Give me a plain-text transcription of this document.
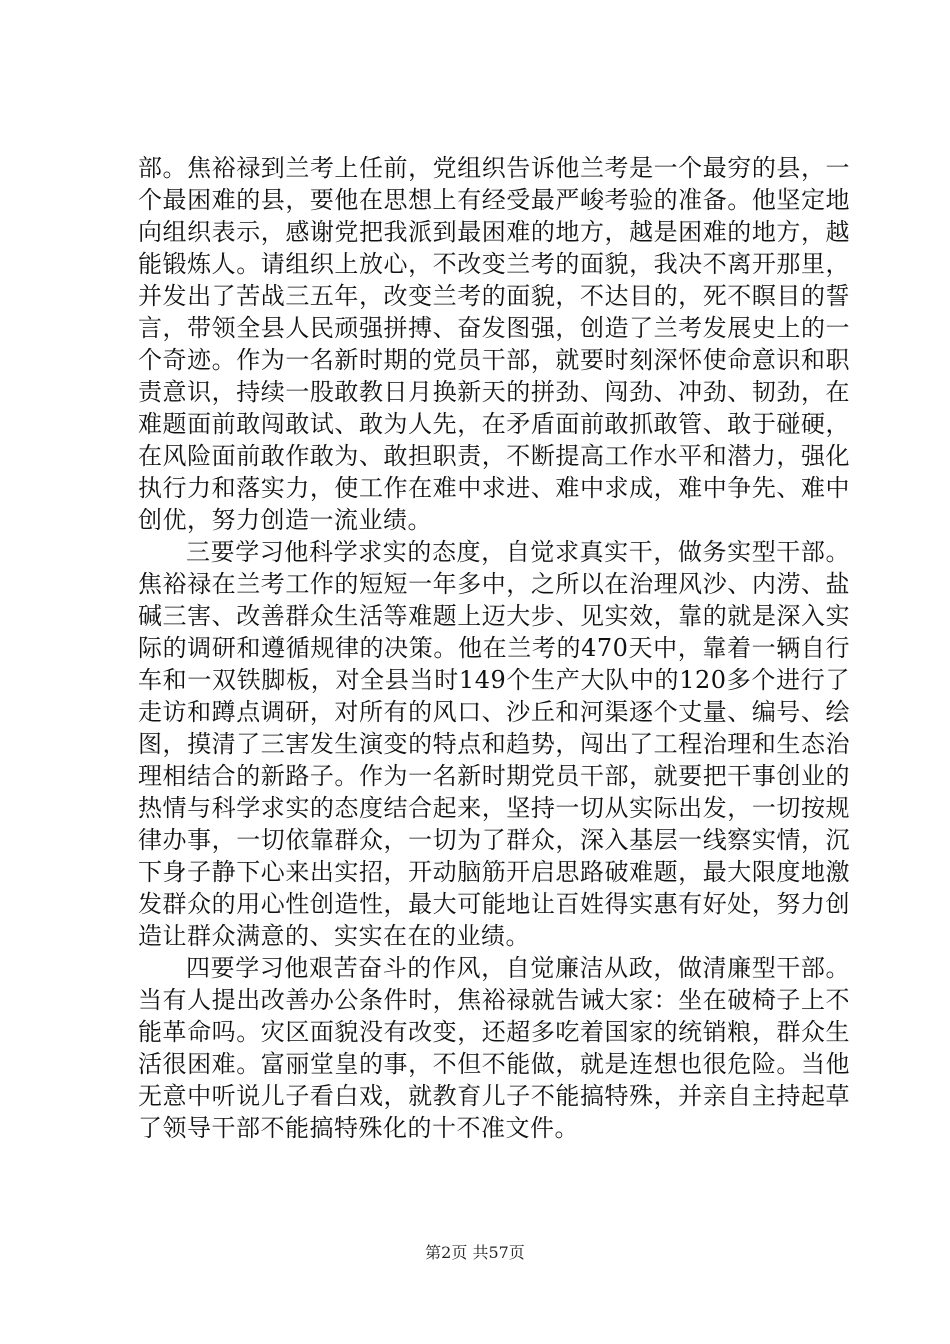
部。焦裕禄到兰考上任前，党组织告诉他兰考是一个最穷的县，一个最困难的县，要他在思想上有经受最严峻考验的准备。他坚定地向组织表示，感谢党把我派到最困难的地方，越是困难的地方，越能锻炼人。请组织上放心，不改变兰考的面貌，我决不离开那里，并发出了苦战三五年，改变兰考的面貌，不达目的，死不瞑目的誓言，带领全县人民顽强拼搏、奋发图强，创造了兰考发展史上的一个奇迹。作为一名新时期的党员干部，就要时刻深怀使命意识和职责意识，持续一股敢教日月换新天的拼劲、闯劲、冲劲、韧劲，在难题面前敢闯敢试、敢为人先，在矛盾面前敢抓敢管、敢于碰硬，在风险面前敢作敢为、敢担职责，不断提高工作水平和潜力，强化执行力和落实力，使工作在难中求进、难中求成，难中争先、难中创优，努力创造一流业绩。

三要学习他科学求实的态度，自觉求真实干，做务实型干部。焦裕禄在兰考工作的短短一年多中，之所以在治理风沙、内涝、盐碱三害、改善群众生活等难题上迈大步、见实效，靠的就是深入实际的调研和遵循规律的决策。他在兰考的470天中，靠着一辆自行车和一双铁脚板，对全县当时149个生产大队中的120多个进行了走访和蹲点调研，对所有的风口、沙丘和河渠逐个丈量、编号、绘图，摸清了三害发生演变的特点和趋势，闯出了工程治理和生态治理相结合的新路子。作为一名新时期党员干部，就要把干事创业的热情与科学求实的态度结合起来，坚持一切从实际出发，一切按规律办事，一切依靠群众，一切为了群众，深入基层一线察实情，沉下身子静下心来出实招，开动脑筋开启思路破难题，最大限度地激发群众的用心性创造性，最大可能地让百姓得实惠有好处，努力创造让群众满意的、实实在在的业绩。

四要学习他艰苦奋斗的作风，自觉廉洁从政，做清廉型干部。当有人提出改善办公条件时，焦裕禄就告诫大家：坐在破椅子上不能革命吗。灾区面貌没有改变，还超多吃着国家的统销粮，群众生活很困难。富丽堂皇的事，不但不能做，就是连想也很危险。当他无意中听说儿子看白戏，就教育儿子不能搞特殊，并亲自主持起草了领导干部不能搞特殊化的十不准文件。

第2页 共57页
